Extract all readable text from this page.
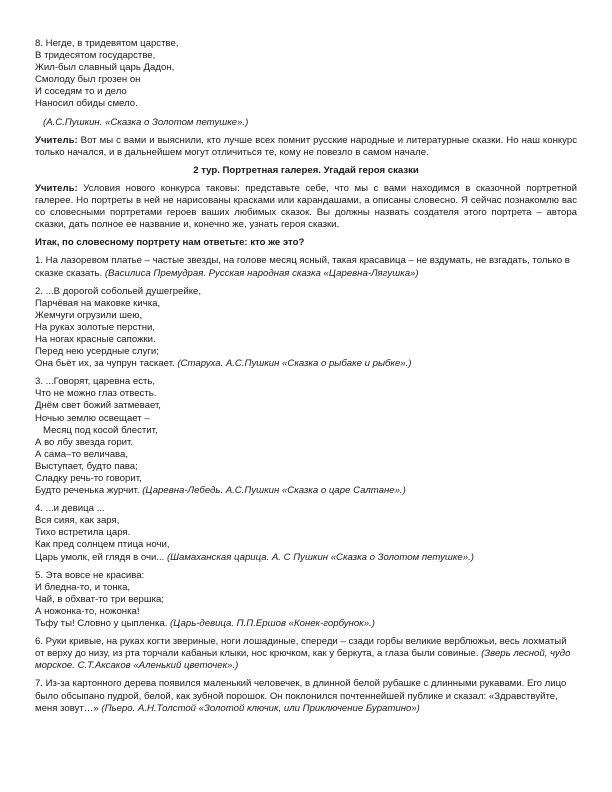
8. Негде, в тридевятом царстве,
В тридесятом государстве,
Жил-был славный царь Дадон,
Смолоду был грозен он
И соседям то и дело
Наносил обиды смело.
(А.С.Пушкин. «Сказка о Золотом петушке».)
Учитель: Вот мы с вами и выяснили, кто лучше всех помнит русские народные и литературные сказки. Но наш конкурс только начался, и в дальнейшем могут отличиться те, кому не повезло в самом начале.
2 тур. Портретная галерея. Угадай героя сказки
Учитель: Условия нового конкурса таковы: представьте себе, что мы с вами находимся в сказочной портретной галерее. Но портреты в ней не нарисованы красками или карандашами, а описаны словесно. Я сейчас познакомлю вас со словесными портретами героев ваших любимых сказок. Вы должны назвать создателя этого портрета – автора сказки, дать полное ее название и, конечно же, узнать героя сказки.
Итак, по словесному портрету нам ответьте: кто же это?
1. На лазоревом платье – частые звезды, на голове месяц ясный, такая красавица – не вздумать, не взгадать, только в сказке сказать. (Василиса Премудрая. Русская народная сказка «Царевна-Лягушка»)
2. ...В дорогой собольей душегрейке,
Парчёвая на маковке кичка,
Жемчуги огрузили шею,
На руках золотые перстни,
На ногах красные сапожки.
Перед нею усердные слуги;
Она бьёт их, за чупрун таскает. (Старуха. А.С.Пушкин «Сказка о рыбаке и рыбке».)
3. ...Говорят, царевна есть,
Что не можно глаз отвесть.
Днём свет божий затмевает,
Ночью землю освещает –
Месяц под косой блестит,
А во лбу звезда горит.
А сама–то величава,
Выступает, будто пава;
Сладку речь-то говорит,
Будто реченька журчит. (Царевна-Лебедь. А.С.Пушкин «Сказка о царе Салтане».)
4. ...и девица ...
Вся сияя, как заря,
Тихо встретила царя.
Как пред солнцем птица ночи,
Царь умолк, ей глядя в очи... (Шамаханская царица. А. С Пушкин «Сказка о Золотом петушке».)
5. Эта вовсе не красива:
И бледна-то, и тонка,
Чай, в обхват-то три вершка;
А ножонка-то, ножонка!
Тьфу ты! Словно у цыпленка. (Царь-девица. П.П.Ершов «Конек-горбунок».)
6. Руки кривые, на руках когти звериные, ноги лошадиные, спереди – сзади горбы великие верблюжьи, весь лохматый от верху до низу, из рта торчали кабаньи клыки, нос крючком, как у беркута, а глаза были совиные. (Зверь лесной, чудо морское. С.Т.Аксаков «Аленький цветочек».)
7. Из-за картонного дерева появился маленький человечек, в длинной белой рубашке с длинными рукавами. Его лицо было обсыпано пудрой, белой, как зубной порошок. Он поклонился почтеннейшей публике и сказал: «Здравствуйте, меня зовут…» (Пьеро. А.Н.Толстой «Золотой ключик, или Приключение Буратино»)
